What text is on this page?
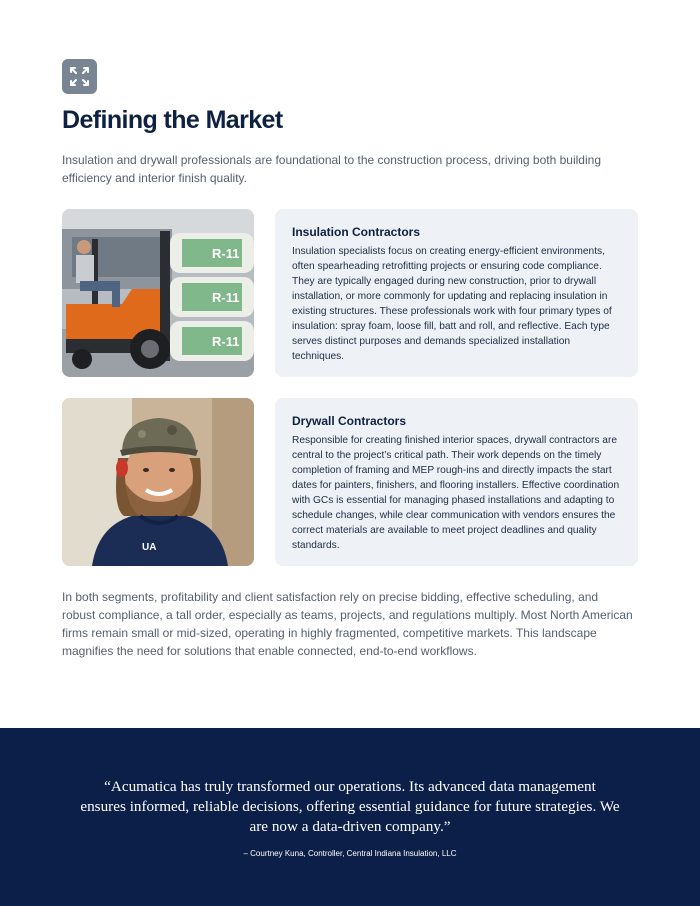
Defining the Market

Insulation and drywall professionals are foundational to the construction process, driving both building efficiency and interior finish quality.

R-11
R-11
R-11
Insulation Contractors
Insulation specialists focus on creating energy-efficient environments, often spearheading retrofitting projects or ensuring code compliance. They are typically engaged during new construction, prior to drywall installation, or more commonly for updating and replacing insulation in existing structures. These professionals work with four primary types of insulation: spray foam, loose fill, batt and roll, and reflective. Each type serves distinct purposes and demands specialized installation techniques.
UA
Drywall Contractors
Responsible for creating finished interior spaces, drywall contractors are central to the project’s critical path. Their work depends on the timely completion of framing and MEP rough-ins and directly impacts the start dates for painters, finishers, and flooring installers. Effective coordination with GCs is essential for managing phased installations and adapting to schedule changes, while clear communication with vendors ensures the correct materials are available to meet project deadlines and quality standards.

In both segments, profitability and client satisfaction rely on precise bidding, effective scheduling, and robust compliance, a tall order, especially as teams, projects, and regulations multiply. Most North American firms remain small or mid-sized, operating in highly fragmented, competitive markets. This landscape magnifies the need for solutions that enable connected, end-to-end workflows.

“Acumatica has truly transformed our operations. Its advanced data management ensures informed, reliable decisions, offering essential guidance for future strategies. We are now a data-driven company.”

– Courtney Kuna, Controller, Central Indiana Insulation, LLC
